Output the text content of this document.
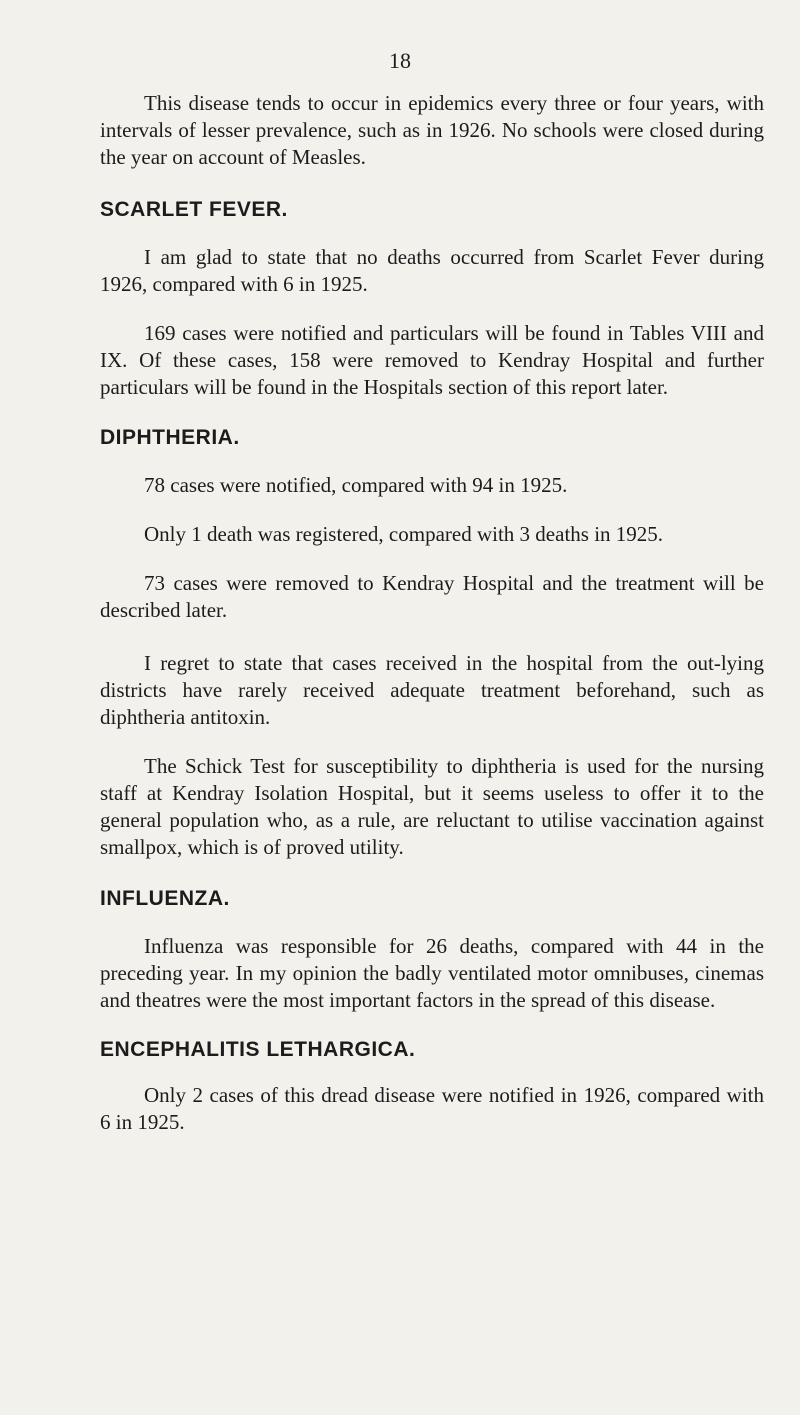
18

This disease tends to occur in epidemics every three or four years, with intervals of lesser prevalence, such as in 1926. No schools were closed during the year on account of Measles.

SCARLET FEVER.

I am glad to state that no deaths occurred from Scarlet Fever during 1926, compared with 6 in 1925.

169 cases were notified and particulars will be found in Tables VIII and IX. Of these cases, 158 were removed to Kendray Hospital and further particulars will be found in the Hospitals section of this report later.

DIPHTHERIA.

78 cases were notified, compared with 94 in 1925.

Only 1 death was registered, compared with 3 deaths in 1925.

73 cases were removed to Kendray Hospital and the treatment will be described later.

I regret to state that cases received in the hospital from the out-lying districts have rarely received adequate treatment beforehand, such as diphtheria antitoxin.

The Schick Test for susceptibility to diphtheria is used for the nursing staff at Kendray Isolation Hospital, but it seems useless to offer it to the general population who, as a rule, are reluctant to utilise vaccination against smallpox, which is of proved utility.

INFLUENZA.

Influenza was responsible for 26 deaths, compared with 44 in the preceding year. In my opinion the badly ventilated motor omnibuses, cinemas and theatres were the most important factors in the spread of this disease.

ENCEPHALITIS LETHARGICA.

Only 2 cases of this dread disease were notified in 1926, compared with 6 in 1925.
